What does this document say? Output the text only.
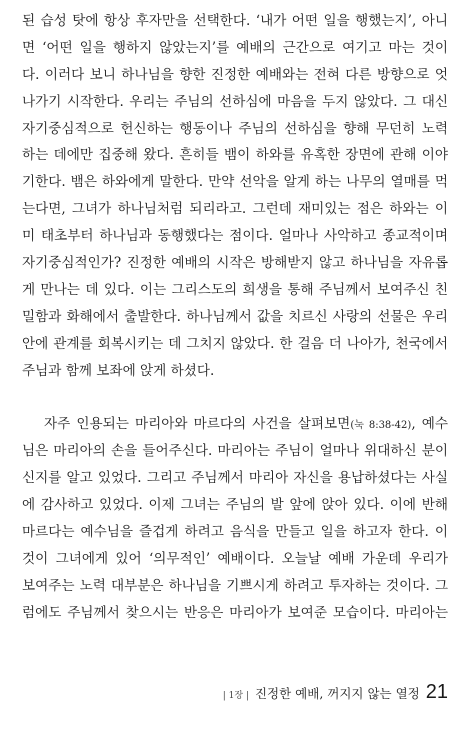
된 습성 탓에 항상 후자만을 선택한다. ‘내가 어떤 일을 행했는지’, 아니
면 ‘어떤 일을 행하지 않았는지’를 예배의 근간으로 여기고 마는 것이
다. 이러다 보니 하나님을 향한 진정한 예배와는 전혀 다른 방향으로 엇
나가기 시작한다. 우리는 주님의 선하심에 마음을 두지 않았다. 그 대신
자기중심적으로 헌신하는 행동이나 주님의 선하심을 향해 무던히 노력
하는 데에만 집중해 왔다. 흔히들 뱀이 하와를 유혹한 장면에 관해 이야
기한다. 뱀은 하와에게 말한다. 만약 선악을 알게 하는 나무의 열매를 먹
는다면, 그녀가 하나님처럼 되리라고. 그런데 재미있는 점은 하와는 이
미 태초부터 하나님과 동행했다는 점이다. 얼마나 사악하고 종교적이며
자기중심적인가? 진정한 예배의 시작은 방해받지 않고 하나님을 자유롭
게 만나는 데 있다. 이는 그리스도의 희생을 통해 주님께서 보여주신 친
밀함과 화해에서 출발한다. 하나님께서 값을 치르신 사랑의 선물은 우리
안에 관계를 회복시키는 데 그치지 않았다. 한 걸음 더 나아가, 천국에서
주님과 함께 보좌에 앉게 하셨다.
자주 인용되는 마리아와 마르다의 사건을 살펴보면(눅 8:38-42), 예수
님은 마리아의 손을 들어주신다. 마리아는 주님이 얼마나 위대하신 분이
신지를 알고 있었다. 그리고 주님께서 마리아 자신을 용납하셨다는 사실
에 감사하고 있었다. 이제 그녀는 주님의 발 앞에 앉아 있다. 이에 반해
마르다는 예수님을 즐겁게 하려고 음식을 만들고 일을 하고자 한다. 이
것이 그녀에게 있어 ‘의무적인’ 예배이다. 오늘날 예배 가운데 우리가
보여주는 노력 대부분은 하나님을 기쁘시게 하려고 투자하는 것이다. 그
럼에도 주님께서 찾으시는 반응은 마리아가 보여준 모습이다. 마리아는
| 1장 | 진정한 예배, 꺼지지 않는 열정 21
